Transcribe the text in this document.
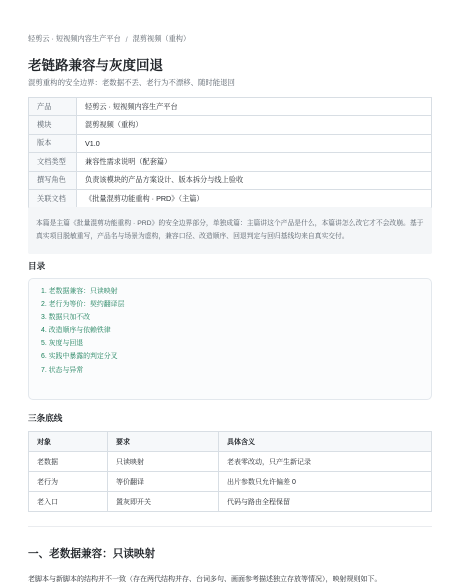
轻剪云 · 短视频内容生产平台 / 混剪视频（重构）
老链路兼容与灰度回退
混剪重构的安全边界：老数据不丢、老行为不漂移、随时能退回
产品	轻剪云 · 短视频内容生产平台
模块	混剪视频（重构）
版本	V1.0
文档类型	兼容性需求说明（配套篇）
撰写角色	负责该模块的产品方案设计、版本拆分与线上验收
关联文档	《批量混剪功能重构 · PRD》（主篇）
本篇是主篇《批量混剪功能重构 · PRD》的安全边界部分，单独成篇：主篇讲这个产品是什么，本篇讲怎么改它才不会改崩。基于真实项目脱敏重写，产品名与场景为虚构，兼容口径、改造顺序、回退判定与回归基线均来自真实交付。
目录
1. 老数据兼容：只读映射
2. 老行为等价：契约翻译层
3. 数据只加不改
4. 改造顺序与依赖铁律
5. 灰度与回退
6. 实践中暴露的判定分叉
7. 状态与异常
三条底线
对象	要求	具体含义
老数据	只读映射	老表零改动，只产生新记录
老行为	等价翻译	出片参数只允许偏差 0
老入口	置灰即开关	代码与路由全程保留
一、老数据兼容：只读映射
老脚本与新脚本的结构并不一致（存在两代结构并存、台词多句、画面参考描述独立存放等情况），映射规则如下。
